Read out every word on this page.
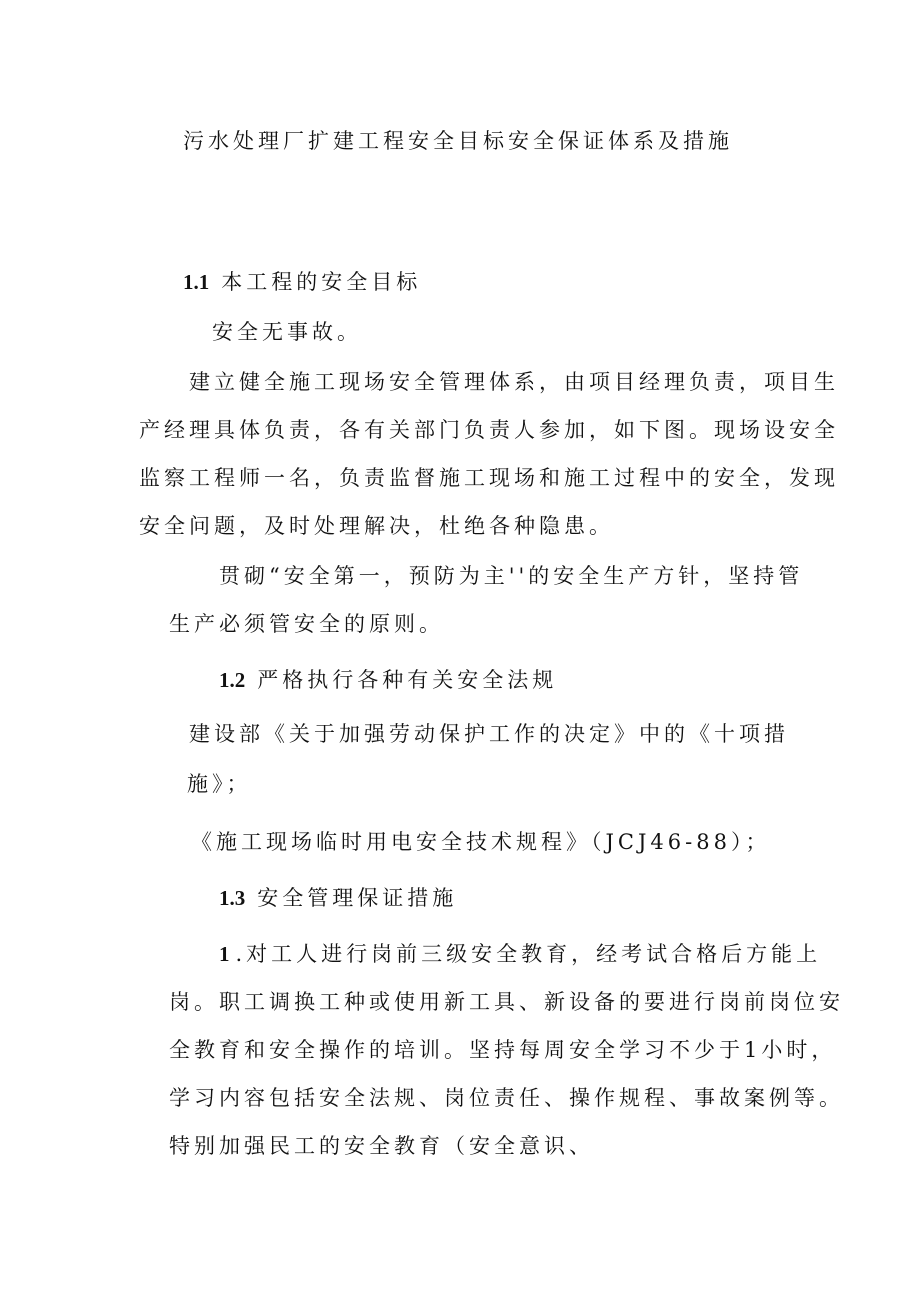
污水处理厂扩建工程安全目标安全保证体系及措施
1.1 本工程的安全目标
安全无事故。
建立健全施工现场安全管理体系，由项目经理负责，项目生
产经理具体负责，各有关部门负责人参加，如下图。现场设安全
监察工程师一名，负责监督施工现场和施工过程中的安全，发现
安全问题，及时处理解决，杜绝各种隐患。
贯砌“安全第一，预防为主''的安全生产方针，坚持管
生产必须管安全的原则。
1.2 严格执行各种有关安全法规
建设部《关于加强劳动保护工作的决定》中的《十项措
施》；
《施工现场临时用电安全技术规程》（JCJ46-88）；
1.3 安全管理保证措施
1 .对工人进行岗前三级安全教育，经考试合格后方能上
岗。职工调换工种或使用新工具、新设备的要进行岗前岗位安
全教育和安全操作的培训。坚持每周安全学习不少于1小时，
学习内容包括安全法规、岗位责任、操作规程、事故案例等。
特别加强民工的安全教育（安全意识、
